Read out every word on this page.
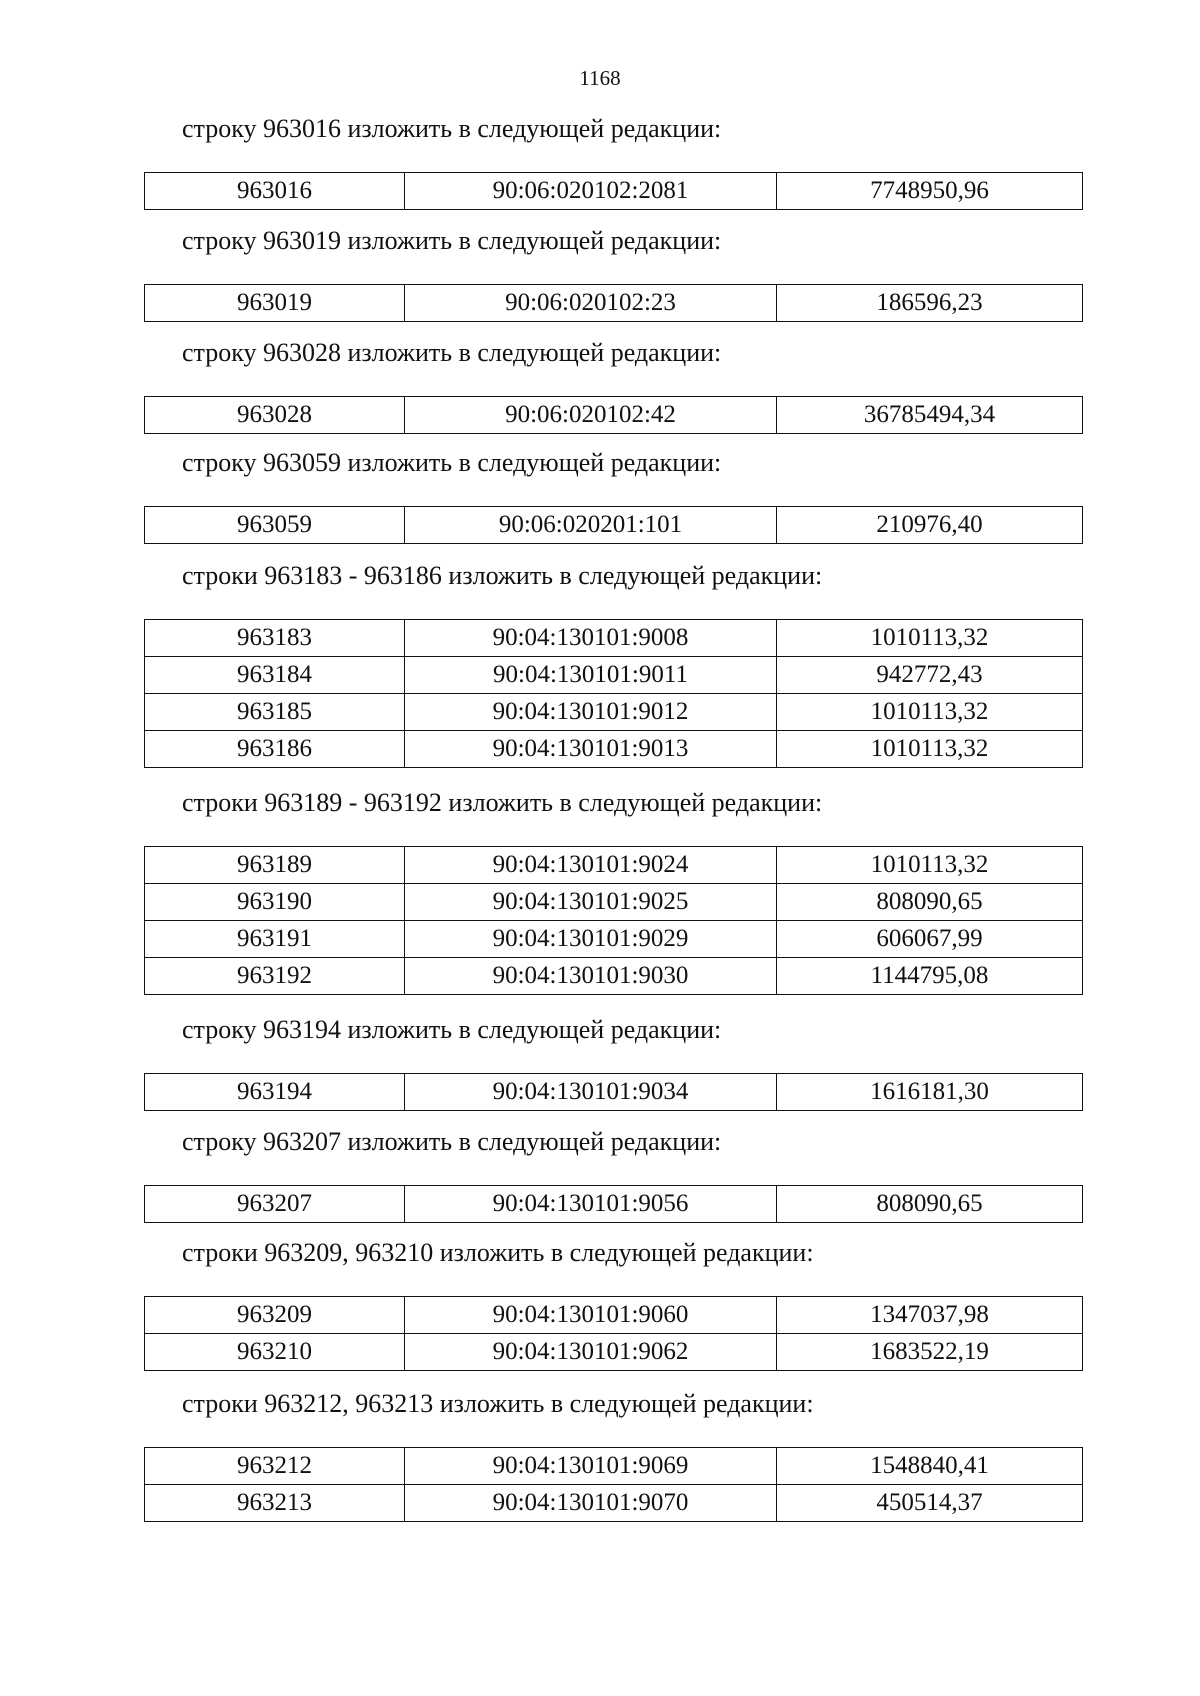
1168
строку 963016 изложить в следующей редакции:
963016	90:06:020102:2081	7748950,96
строку 963019 изложить в следующей редакции:
963019	90:06:020102:23	186596,23
строку 963028 изложить в следующей редакции:
963028	90:06:020102:42	36785494,34
строку 963059 изложить в следующей редакции:
963059	90:06:020201:101	210976,40
строки 963183 - 963186 изложить в следующей редакции:
963183	90:04:130101:9008	1010113,32
963184	90:04:130101:9011	942772,43
963185	90:04:130101:9012	1010113,32
963186	90:04:130101:9013	1010113,32
строки 963189 - 963192 изложить в следующей редакции:
963189	90:04:130101:9024	1010113,32
963190	90:04:130101:9025	808090,65
963191	90:04:130101:9029	606067,99
963192	90:04:130101:9030	1144795,08
строку 963194 изложить в следующей редакции:
963194	90:04:130101:9034	1616181,30
строку 963207 изложить в следующей редакции:
963207	90:04:130101:9056	808090,65
строки 963209, 963210 изложить в следующей редакции:
963209	90:04:130101:9060	1347037,98
963210	90:04:130101:9062	1683522,19
строки 963212, 963213 изложить в следующей редакции:
963212	90:04:130101:9069	1548840,41
963213	90:04:130101:9070	450514,37
